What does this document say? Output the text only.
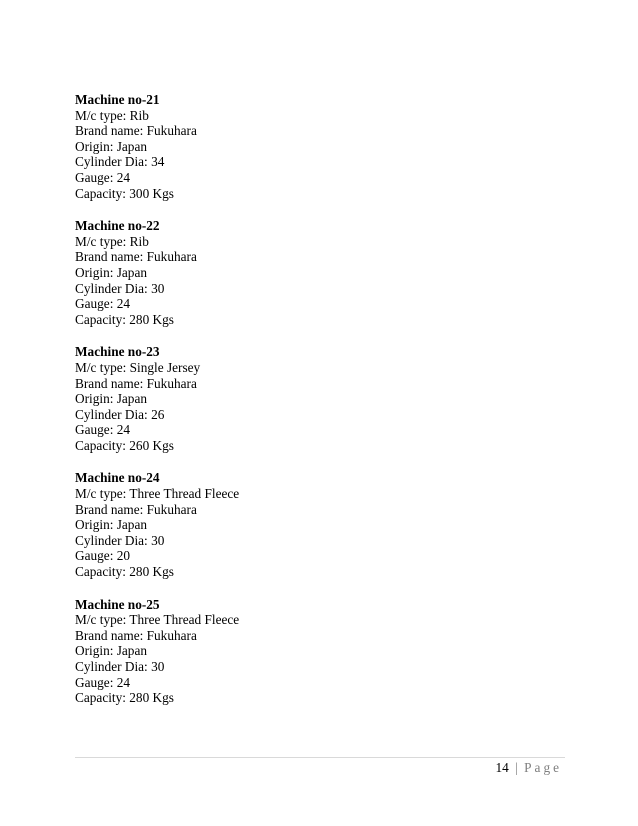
Machine no-21
M/c type: Rib
Brand name: Fukuhara
Origin: Japan
Cylinder Dia: 34
Gauge: 24
Capacity: 300 Kgs
Machine no-22
M/c type: Rib
Brand name: Fukuhara
Origin: Japan
Cylinder Dia: 30
Gauge: 24
Capacity: 280 Kgs
Machine no-23
M/c type: Single Jersey
Brand name: Fukuhara
Origin: Japan
Cylinder Dia: 26
Gauge: 24
Capacity: 260 Kgs
Machine no-24
M/c type: Three Thread Fleece
Brand name: Fukuhara
Origin: Japan
Cylinder Dia: 30
Gauge: 20
Capacity: 280 Kgs
Machine no-25
M/c type: Three Thread Fleece
Brand name: Fukuhara
Origin: Japan
Cylinder Dia: 30
Gauge: 24
Capacity: 280 Kgs
14 | Page
